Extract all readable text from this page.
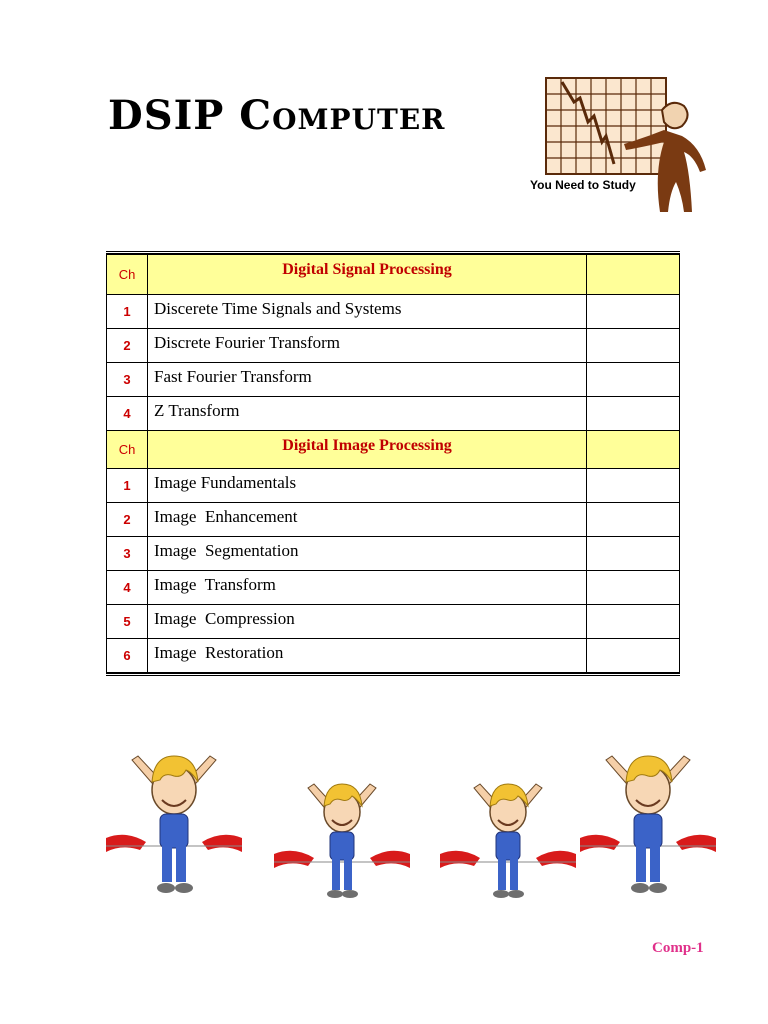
DSIP Computer
You Need to Study
Ch	Digital Signal Processing	
1	Discerete Time Signals and Systems	
2	Discrete Fourier Transform	
3	Fast Fourier Transform	
4	Z Transform	
Ch	Digital Image Processing	
1	Image Fundamentals	
2	Image  Enhancement	
3	Image  Segmentation	
4	Image  Transform	
5	Image  Compression	
6	Image  Restoration	
Comp-1
